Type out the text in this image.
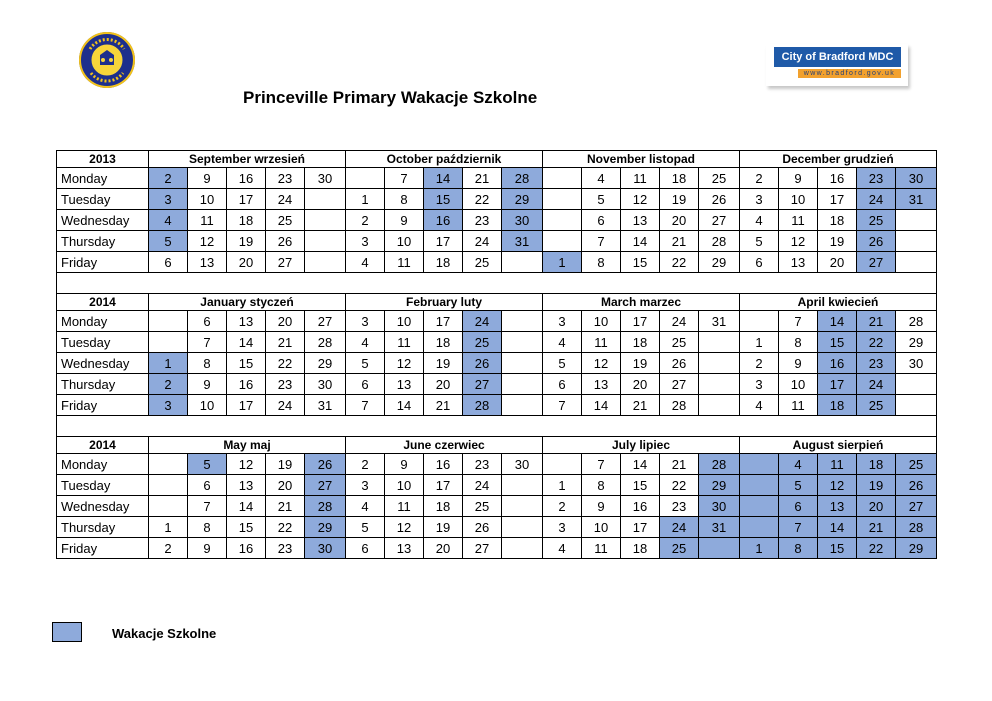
City of Bradford MDC
www.bradford.gov.uk
Princeville Primary Wakacje Szkolne
2013	September wrzesień					October październik					November listopad					December grudzień				
Monday	2	9	16	23	30		7	14	21	28		4	11	18	25	2	9	16	23	30
Tuesday	3	10	17	24		1	8	15	22	29		5	12	19	26	3	10	17	24	31
Wednesday	4	11	18	25		2	9	16	23	30		6	13	20	27	4	11	18	25	
Thursday	5	12	19	26		3	10	17	24	31		7	14	21	28	5	12	19	26	
Friday	6	13	20	27		4	11	18	25		1	8	15	22	29	6	13	20	27	

2014	January styczeń					February luty					March marzec					April kwiecień				
Monday		6	13	20	27	3	10	17	24		3	10	17	24	31		7	14	21	28
Tuesday		7	14	21	28	4	11	18	25		4	11	18	25		1	8	15	22	29
Wednesday	1	8	15	22	29	5	12	19	26		5	12	19	26		2	9	16	23	30
Thursday	2	9	16	23	30	6	13	20	27		6	13	20	27		3	10	17	24	
Friday	3	10	17	24	31	7	14	21	28		7	14	21	28		4	11	18	25	

2014	May maj					June czerwiec					July lipiec					August sierpień				
Monday		5	12	19	26	2	9	16	23	30		7	14	21	28		4	11	18	25
Tuesday		6	13	20	27	3	10	17	24		1	8	15	22	29		5	12	19	26
Wednesday		7	14	21	28	4	11	18	25		2	9	16	23	30		6	13	20	27
Thursday	1	8	15	22	29	5	12	19	26		3	10	17	24	31		7	14	21	28
Friday	2	9	16	23	30	6	13	20	27		4	11	18	25		1	8	15	22	29
Wakacje Szkolne
